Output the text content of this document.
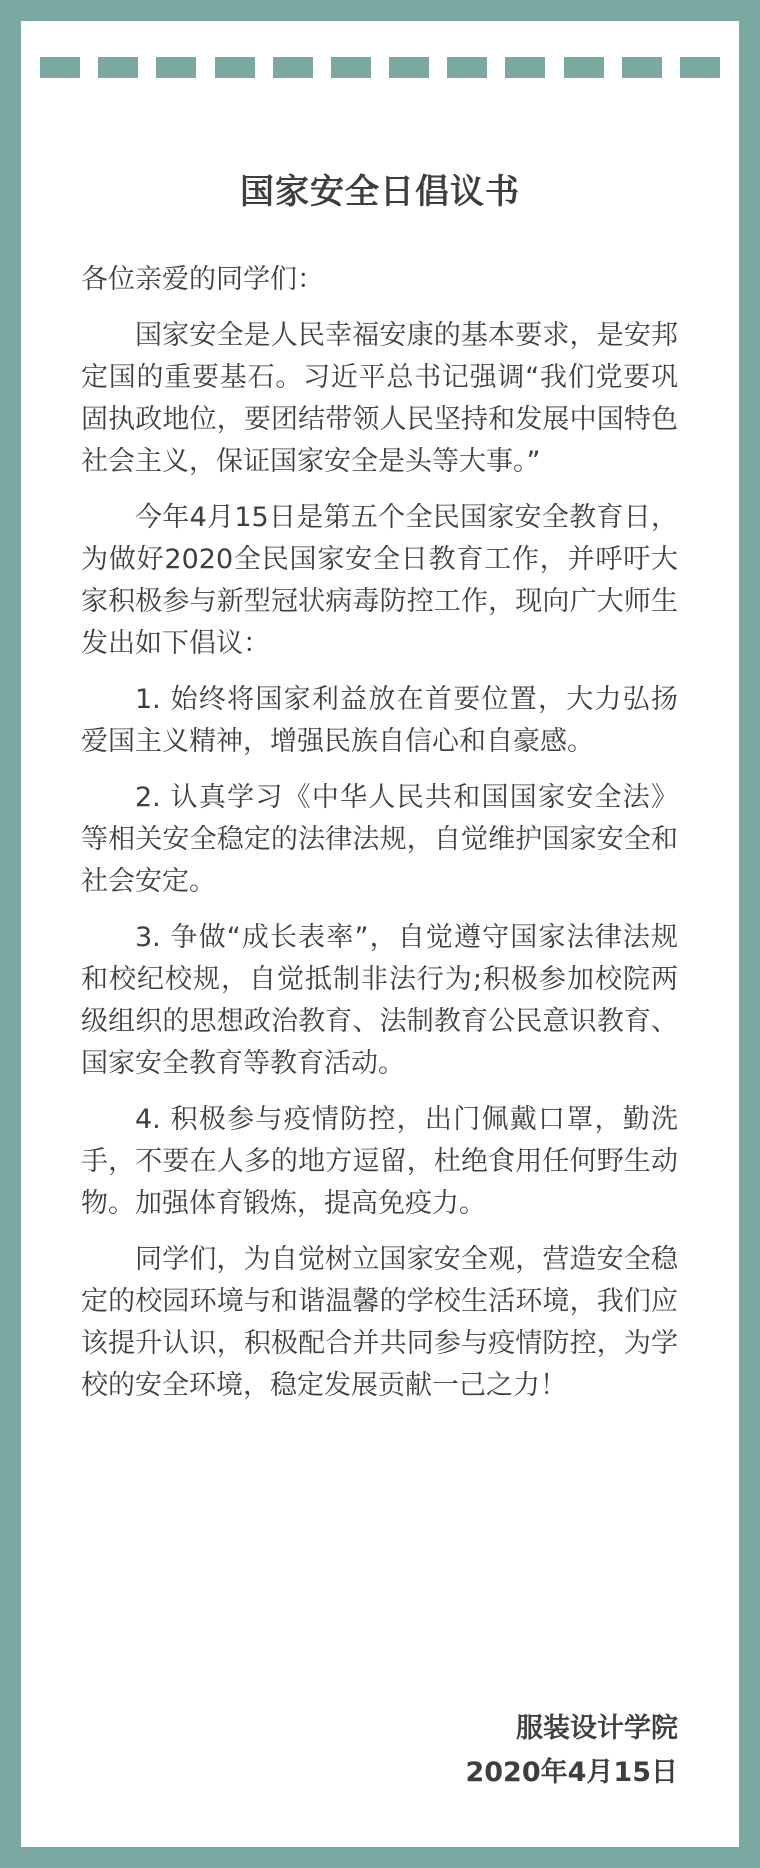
国家安全日倡议书

各位亲爱的同学们：

国家安全是人民幸福安康的基本要求，是安邦定国的重要基石。习近平总书记强调“我们党要巩固执政地位，要团结带领人民坚持和发展中国特色社会主义，保证国家安全是头等大事。”

今年4月15日是第五个全民国家安全教育日，为做好2020全民国家安全日教育工作，并呼吁大家积极参与新型冠状病毒防控工作，现向广大师生发出如下倡议：

1. 始终将国家利益放在首要位置，大力弘扬爱国主义精神，增强民族自信心和自豪感。

2. 认真学习《中华人民共和国国家安全法》等相关安全稳定的法律法规，自觉维护国家安全和社会安定。

3. 争做“成长表率”，自觉遵守国家法律法规和校纪校规，自觉抵制非法行为;积极参加校院两级组织的思想政治教育、法制教育公民意识教育、国家安全教育等教育活动。

4. 积极参与疫情防控，出门佩戴口罩，勤洗手，不要在人多的地方逗留，杜绝食用任何野生动物。加强体育锻炼，提高免疫力。

同学们，为自觉树立国家安全观，营造安全稳定的校园环境与和谐温馨的学校生活环境，我们应该提升认识，积极配合并共同参与疫情防控，为学校的安全环境，稳定发展贡献一己之力！

服装设计学院
2020年4月15日
